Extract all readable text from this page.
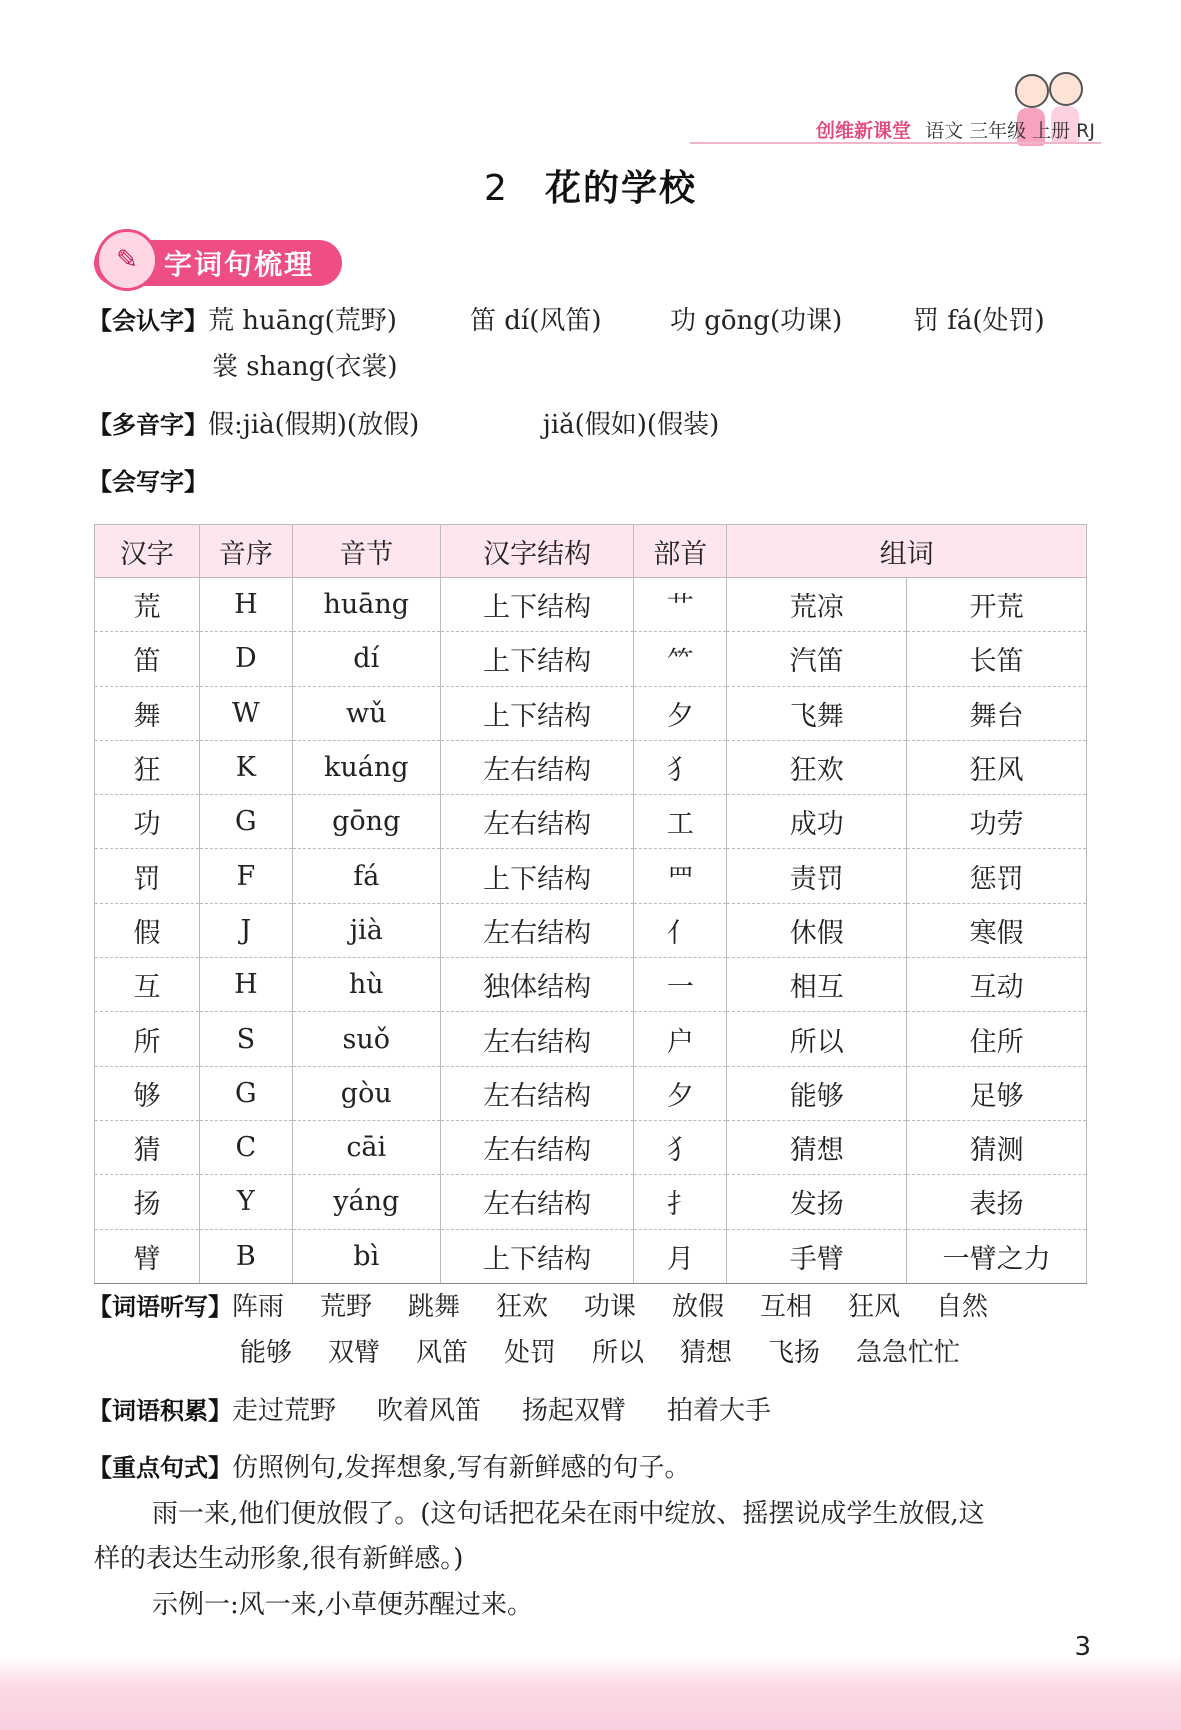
创维新课堂 语文 三年级 上册 RJ
2 花的学校
✎ 字词句梳理
【会认字】荒 huāng(荒野)	笛 dí(风笛)	功 gōng(功课)	罚 fá(处罚)
裳 shang(衣裳)
【多音字】假:jià(假期)(放假)	jiǎ(假如)(假装)
【会写字】
汉字	音序	音节	汉字结构	部首	组词	
荒	H	huāng	上下结构	艹	荒凉	开荒
笛	D	dí	上下结构	⺮	汽笛	长笛
舞	W	wǔ	上下结构	夕	飞舞	舞台
狂	K	kuáng	左右结构	犭	狂欢	狂风
功	G	gōng	左右结构	工	成功	功劳
罚	F	fá	上下结构	罒	责罚	惩罚
假	J	jià	左右结构	亻	休假	寒假
互	H	hù	独体结构	一	相互	互动
所	S	suǒ	左右结构	户	所以	住所
够	G	gòu	左右结构	夕	能够	足够
猜	C	cāi	左右结构	犭	猜想	猜测
扬	Y	yáng	左右结构	扌	发扬	表扬
臂	B	bì	上下结构	月	手臂	一臂之力
【词语听写】阵雨 荒野 跳舞 狂欢 功课 放假 互相 狂风 自然
能够 双臂 风笛 处罚 所以 猜想 飞扬 急急忙忙
【词语积累】走过荒野 吹着风笛 扬起双臂 拍着大手
【重点句式】仿照例句,发挥想象,写有新鲜感的句子。
雨一来,他们便放假了。(这句话把花朵在雨中绽放、摇摆说成学生放假,这
样的表达生动形象,很有新鲜感。)
示例一:风一来,小草便苏醒过来。
3
